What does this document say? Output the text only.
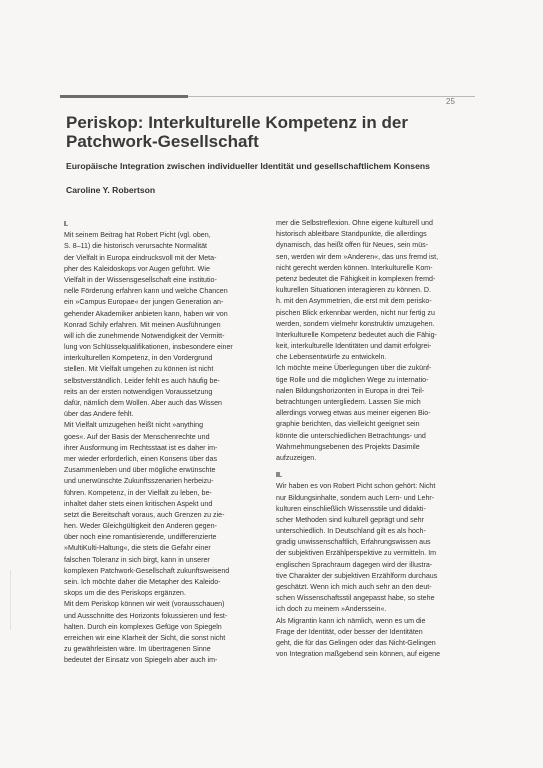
25
Periskop: Interkulturelle Kompetenz in der
Patchwork-Gesellschaft

Europäische Integration zwischen individueller Identität und gesellschaftlichem Konsens

Caroline Y. Robertson
I.
Mit seinem Beitrag hat Robert Picht (vgl. oben,
S. 8–11) die historisch verursachte Normalität
der Vielfalt in Europa eindrucksvoll mit der Meta-
pher des Kaleidoskops vor Augen geführt. Wie
Vielfalt in der Wissensgesellschaft eine institutio-
nelle Förderung erfahren kann und welche Chancen
ein »Campus Europae« der jungen Generation an-
gehender Akademiker anbieten kann, haben wir von
Konrad Schily erfahren. Mit meinen Ausführungen
will ich die zunehmende Notwendigkeit der Vermitt-
lung von Schlüsselqualifikationen, insbesondere einer
interkulturellen Kompetenz, in den Vordergrund
stellen. Mit Vielfalt umgehen zu können ist nicht
selbstverständlich. Leider fehlt es auch häufig be-
reits an der ersten notwendigen Voraussetzung
dafür, nämlich dem Wollen. Aber auch das Wissen
über das Andere fehlt.
Mit Vielfalt umzugehen heißt nicht »anything
goes«. Auf der Basis der Menschenrechte und
ihrer Ausformung im Rechtsstaat ist es daher im-
mer wieder erforderlich, einen Konsens über das
Zusammenleben und über mögliche erwünschte
und unerwünschte Zukunftsszenarien herbeizu-
führen. Kompetenz, in der Vielfalt zu leben, be-
inhaltet daher stets einen kritischen Aspekt und
setzt die Bereitschaft voraus, auch Grenzen zu zie-
hen. Weder Gleichgültigkeit den Anderen gegen-
über noch eine romantisierende, undifferenzierte
»MultiKulti-Haltung«, die stets die Gefahr einer
falschen Toleranz in sich birgt, kann in unserer
komplexen Patchwork-Gesellschaft zukunftsweisend
sein. Ich möchte daher die Metapher des Kaleido-
skops um die des Periskops ergänzen.
Mit dem Periskop können wir weit (vorausschauen)
und Ausschnitte des Horizonts fokussieren und fest-
halten. Durch ein komplexes Gefüge von Spiegeln
erreichen wir eine Klarheit der Sicht, die sonst nicht
zu gewährleisten wäre. Im übertragenen Sinne
bedeutet der Einsatz von Spiegeln aber auch im-
mer die Selbstreflexion. Ohne eigene kulturell und
historisch ableitbare Standpunkte, die allerdings
dynamisch, das heißt offen für Neues, sein müs-
sen, werden wir dem »Anderen«, das uns fremd ist,
nicht gerecht werden können. Interkulturelle Kom-
petenz bedeutet die Fähigkeit in komplexen fremd-
kulturellen Situationen interagieren zu können. D.
h. mit den Asymmetrien, die erst mit dem perisko-
pischen Blick erkennbar werden, nicht nur fertig zu
werden, sondern vielmehr konstruktiv umzugehen.
Interkulturelle Kompetenz bedeutet auch die Fähig-
keit, interkulturelle Identitäten und damit erfolgrei-
che Lebensentwürfe zu entwickeln.
Ich möchte meine Überlegungen über die zukünf-
tige Rolle und die möglichen Wege zu internatio-
nalen Bildungshorizonten in Europa in drei Teil-
betrachtungen untergliedern. Lassen Sie mich
allerdings vorweg etwas aus meiner eigenen Bio-
graphie berichten, das vielleicht geeignet sein
könnte die unterschiedlichen Betrachtungs- und
Wahrnehmungsebenen des Projekts Dasimile
aufzuzeigen.
II.
Wir haben es von Robert Picht schon gehört: Nicht
nur Bildungsinhalte, sondern auch Lern- und Lehr-
kulturen einschließlich Wissensstile und didakti-
scher Methoden sind kulturell geprägt und sehr
unterschiedlich. In Deutschland gilt es als hoch-
gradig unwissenschaftlich, Erfahrungswissen aus
der subjektiven Erzählperspektive zu vermitteln. Im
englischen Sprachraum dagegen wird der illustra-
tive Charakter der subjektiven Erzählform durchaus
geschätzt. Wenn ich mich auch sehr an den deut-
schen Wissenschaftsstil angepasst habe, so stehe
ich doch zu meinem »Anderssein«.
Als Migrantin kann ich nämlich, wenn es um die
Frage der Identität, oder besser der Identitäten
geht, die für das Gelingen oder das Nicht-Gelingen
von Integration maßgebend sein können, auf eigene
